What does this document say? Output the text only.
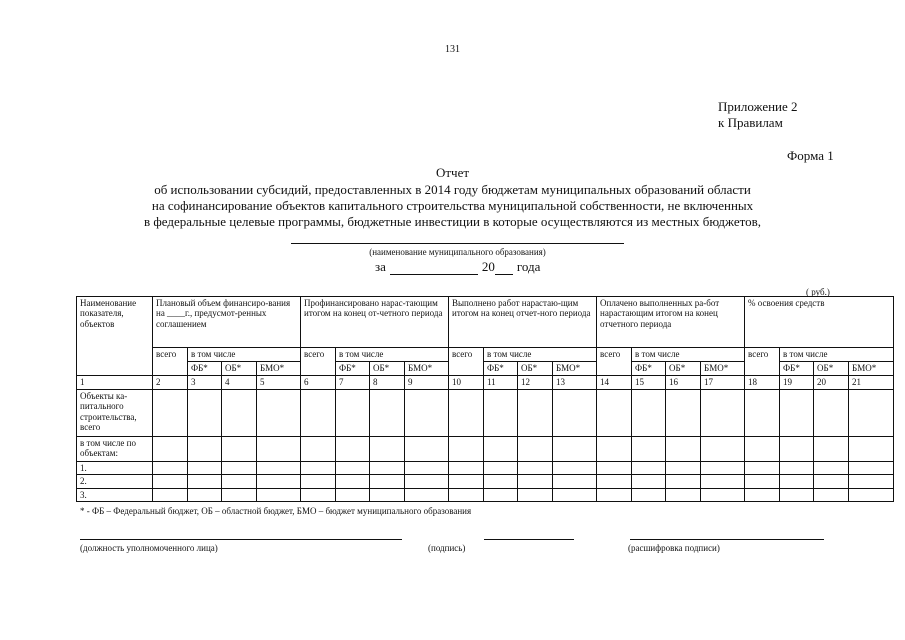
131
Приложение 2
к Правилам
Форма 1
Отчет
об использовании субсидий, предоставленных в 2014 году бюджетам муниципальных образований области
на софинансирование объектов капитального строительства муниципальной собственности, не включенных
в федеральные целевые программы, бюджетные инвестиции в которые осуществляются из местных бюджетов,
(наименование муниципального образования)
за	20 года
( руб.)
Наименование показателя, объектов	Плановый объем финансиро-вания на ____г., предусмот-ренных соглашением				Профинансировано нарас-тающим итогом на конец от-четного периода				Выполнено работ нарастаю-щим итогом на конец отчет-ного периода				Оплачено выполненных ра-бот нарастающим итогом на конец отчетного периода				% освоения средств			
	всего	в том числе			всего	в том числе			всего	в том числе			всего	в том числе			всего	в том числе		
		ФБ*	ОБ*	БМО*		ФБ*	ОБ*	БМО*		ФБ*	ОБ*	БМО*		ФБ*	ОБ*	БМО*		ФБ*	ОБ*	БМО*
1	2	3	4	5	6	7	8	9	10	11	12	13	14	15	16	17	18	19	20	21
Объекты ка-питального строительства, всего																				
в том числе по объектам:																				
1.																				
2.																				
3.																				
* - ФБ – Федеральный бюджет, ОБ – областной бюджет, БМО – бюджет муниципального образования
(должность уполномоченного лица)	(подпись)	(расшифровка подписи)
